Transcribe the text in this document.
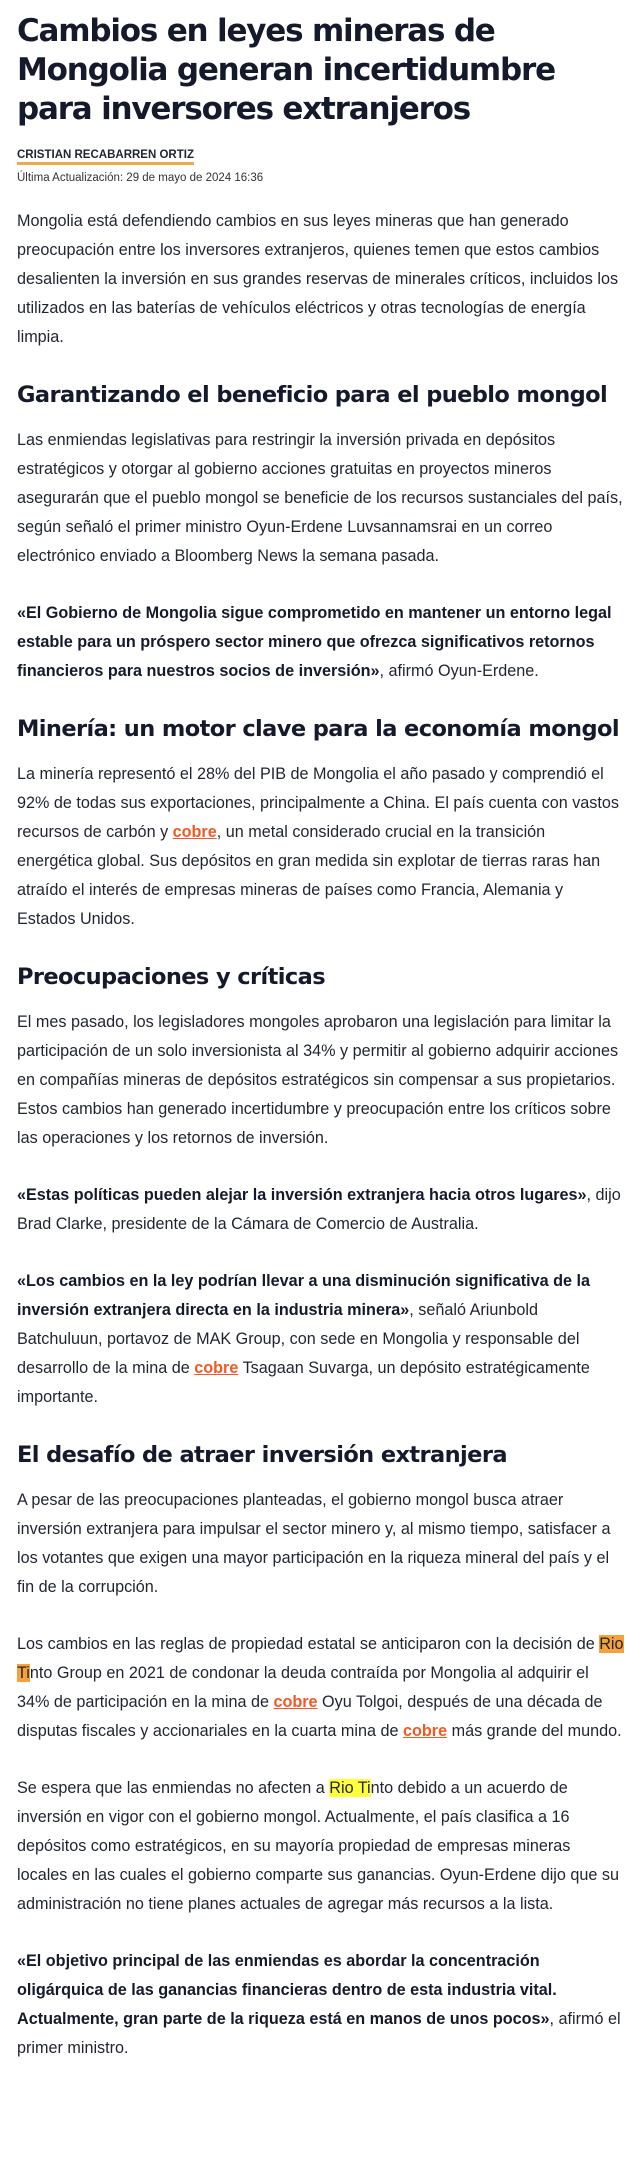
Cambios en leyes mineras de Mongolia generan incertidumbre para inversores extranjeros
CRISTIAN RECABARREN ORTIZ
Última Actualización: 29 de mayo de 2024 16:36

Mongolia está defendiendo cambios en sus leyes mineras que han generado preocupación entre los inversores extranjeros, quienes temen que estos cambios desalienten la inversión en sus grandes reservas de minerales críticos, incluidos los utilizados en las baterías de vehículos eléctricos y otras tecnologías de energía limpia.

Garantizando el beneficio para el pueblo mongol

Las enmiendas legislativas para restringir la inversión privada en depósitos estratégicos y otorgar al gobierno acciones gratuitas en proyectos mineros asegurarán que el pueblo mongol se beneficie de los recursos sustanciales del país, según señaló el primer ministro Oyun-Erdene Luvsannamsrai en un correo electrónico enviado a Bloomberg News la semana pasada.

«El Gobierno de Mongolia sigue comprometido en mantener un entorno legal estable para un próspero sector minero que ofrezca significativos retornos financieros para nuestros socios de inversión», afirmó Oyun-Erdene.

Minería: un motor clave para la economía mongol

La minería representó el 28% del PIB de Mongolia el año pasado y comprendió el 92% de todas sus exportaciones, principalmente a China. El país cuenta con vastos recursos de carbón y cobre, un metal considerado crucial en la transición energética global. Sus depósitos en gran medida sin explotar de tierras raras han atraído el interés de empresas mineras de países como Francia, Alemania y Estados Unidos.

Preocupaciones y críticas

El mes pasado, los legisladores mongoles aprobaron una legislación para limitar la participación de un solo inversionista al 34% y permitir al gobierno adquirir acciones en compañías mineras de depósitos estratégicos sin compensar a sus propietarios. Estos cambios han generado incertidumbre y preocupación entre los críticos sobre las operaciones y los retornos de inversión.

«Estas políticas pueden alejar la inversión extranjera hacia otros lugares», dijo Brad Clarke, presidente de la Cámara de Comercio de Australia.

«Los cambios en la ley podrían llevar a una disminución significativa de la inversión extranjera directa en la industria minera», señaló Ariunbold Batchuluun, portavoz de MAK Group, con sede en Mongolia y responsable del desarrollo de la mina de cobre Tsagaan Suvarga, un depósito estratégicamente importante.

El desafío de atraer inversión extranjera

A pesar de las preocupaciones planteadas, el gobierno mongol busca atraer inversión extranjera para impulsar el sector minero y, al mismo tiempo, satisfacer a los votantes que exigen una mayor participación en la riqueza mineral del país y el fin de la corrupción.

Los cambios en las reglas de propiedad estatal se anticiparon con la decisión de Rio Tinto Group en 2021 de condonar la deuda contraída por Mongolia al adquirir el 34% de participación en la mina de cobre Oyu Tolgoi, después de una década de disputas fiscales y accionariales en la cuarta mina de cobre más grande del mundo.

Se espera que las enmiendas no afecten a Rio Tinto debido a un acuerdo de inversión en vigor con el gobierno mongol. Actualmente, el país clasifica a 16 depósitos como estratégicos, en su mayoría propiedad de empresas mineras locales en las cuales el gobierno comparte sus ganancias. Oyun-Erdene dijo que su administración no tiene planes actuales de agregar más recursos a la lista.

«El objetivo principal de las enmiendas es abordar la concentración oligárquica de las ganancias financieras dentro de esta industria vital. Actualmente, gran parte de la riqueza está en manos de unos pocos», afirmó el primer ministro.
